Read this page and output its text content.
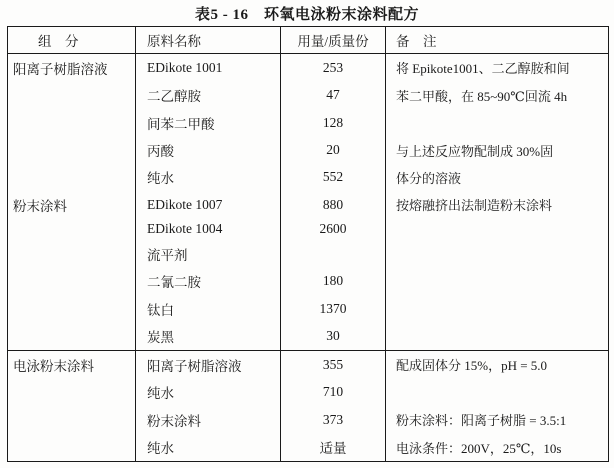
表5 - 16　环氧电泳粉末涂料配方
组　分	原料名称	用量/质量份	备　注
阳离子树脂溶液	EDikote 1001	253	将 Epikote1001、二乙醇胺和间
	二乙醇胺	47	苯二甲酸，在 85~90℃回流 4h
	间苯二甲酸	128	
	丙酸	20	与上述反应物配制成 30%固
	纯水	552	体分的溶液
粉末涂料	EDikote 1007	880	按熔融挤出法制造粉末涂料
	EDikote 1004	2600	
	流平剂		
	二氰二胺	180	
	钛白	1370	
	炭黑	30	
电泳粉末涂料	阳离子树脂溶液	355	配成固体分 15%，pH = 5.0
	纯水	710	
	粉末涂料	373	粉末涂料：阳离子树脂 = 3.5:1
	纯水	适量	电泳条件：200V，25℃，10s
